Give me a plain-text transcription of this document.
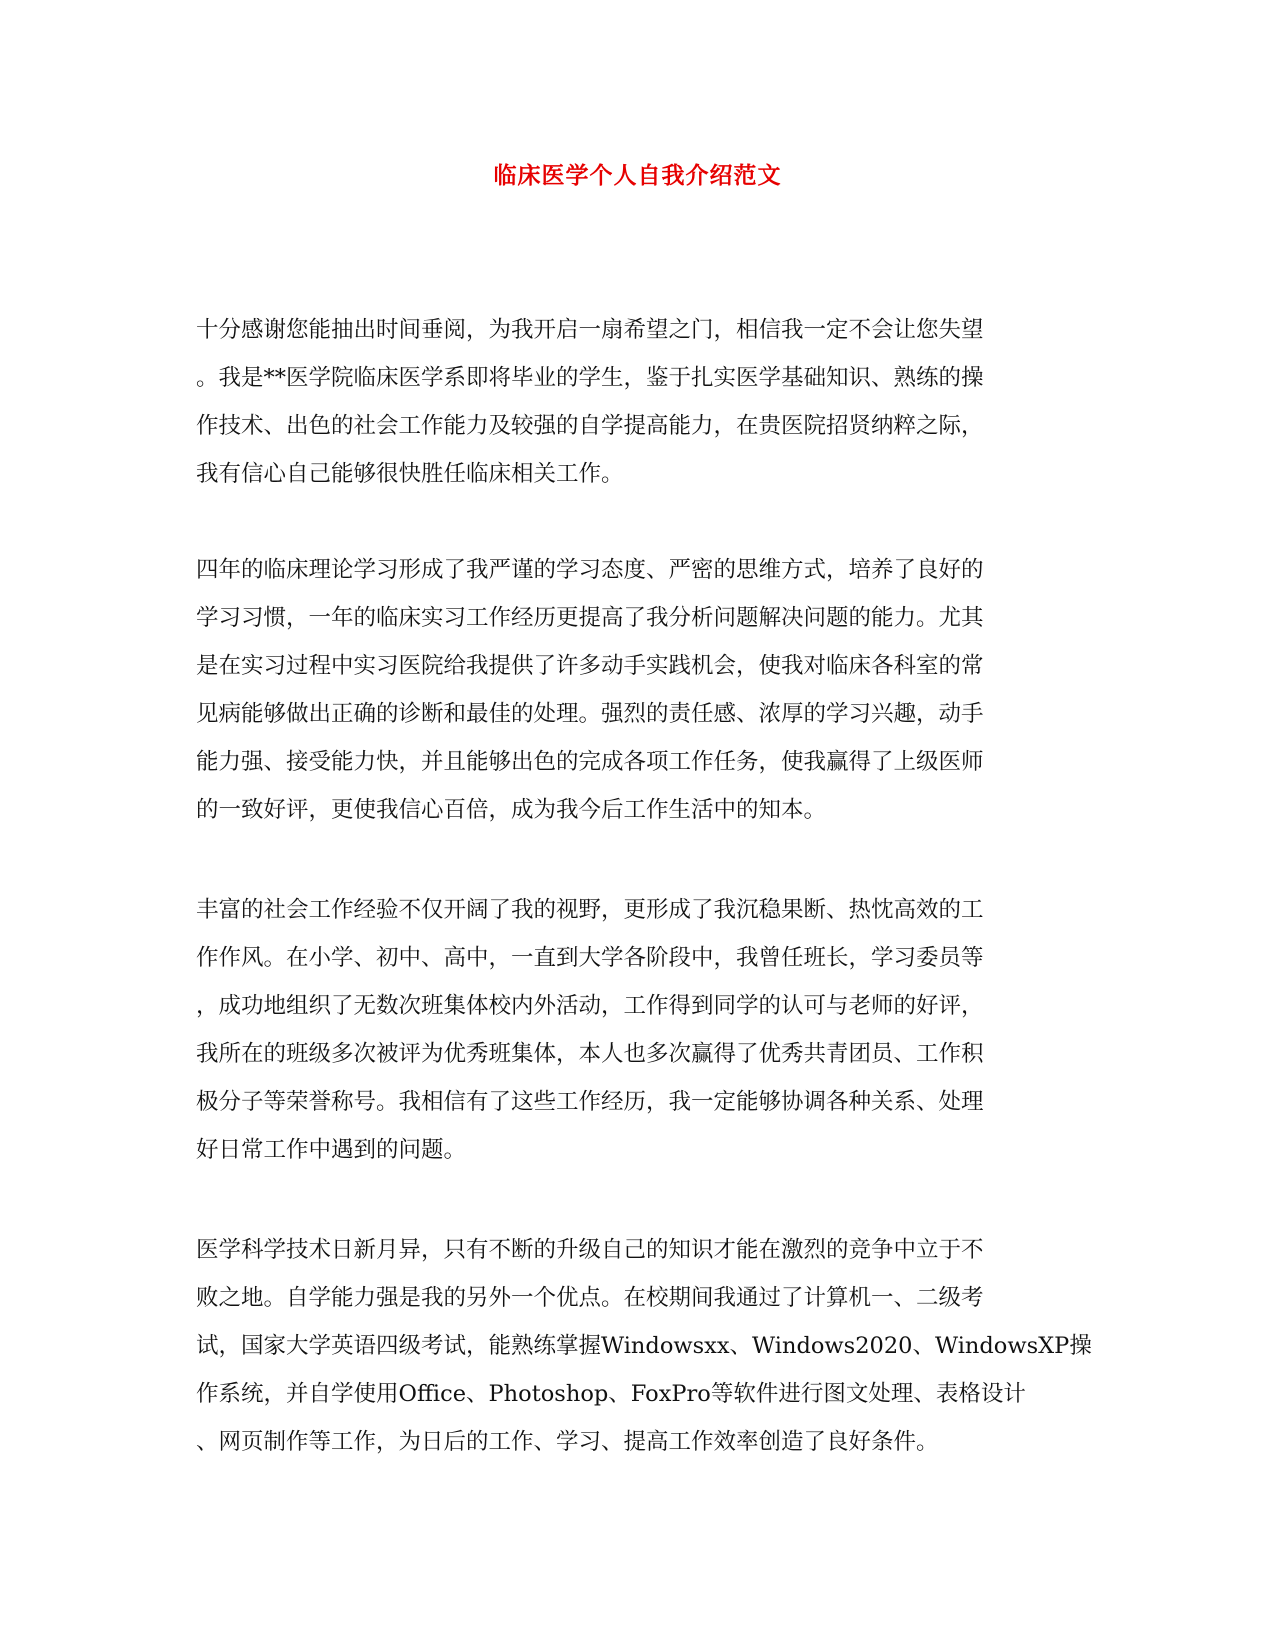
临床医学个人自我介绍范文

十分感谢您能抽出时间垂阅，为我开启一扇希望之门，相信我一定不会让您失望
。我是**医学院临床医学系即将毕业的学生，鉴于扎实医学基础知识、熟练的操
作技术、出色的社会工作能力及较强的自学提高能力，在贵医院招贤纳粹之际，
我有信心自己能够很快胜任临床相关工作。

四年的临床理论学习形成了我严谨的学习态度、严密的思维方式，培养了良好的
学习习惯，一年的临床实习工作经历更提高了我分析问题解决问题的能力。尤其
是在实习过程中实习医院给我提供了许多动手实践机会，使我对临床各科室的常
见病能够做出正确的诊断和最佳的处理。强烈的责任感、浓厚的学习兴趣，动手
能力强、接受能力快，并且能够出色的完成各项工作任务，使我赢得了上级医师
的一致好评，更使我信心百倍，成为我今后工作生活中的知本。

丰富的社会工作经验不仅开阔了我的视野，更形成了我沉稳果断、热忱高效的工
作作风。在小学、初中、高中，一直到大学各阶段中，我曾任班长，学习委员等
，成功地组织了无数次班集体校内外活动，工作得到同学的认可与老师的好评，
我所在的班级多次被评为优秀班集体，本人也多次赢得了优秀共青团员、工作积
极分子等荣誉称号。我相信有了这些工作经历，我一定能够协调各种关系、处理
好日常工作中遇到的问题。

医学科学技术日新月异，只有不断的升级自己的知识才能在激烈的竞争中立于不
败之地。自学能力强是我的另外一个优点。在校期间我通过了计算机一、二级考
试，国家大学英语四级考试，能熟练掌握Windowsxx、Windows2020、WindowsXP操
作系统，并自学使用Office、Photoshop、FoxPro等软件进行图文处理、表格设计
、网页制作等工作，为日后的工作、学习、提高工作效率创造了良好条件。
